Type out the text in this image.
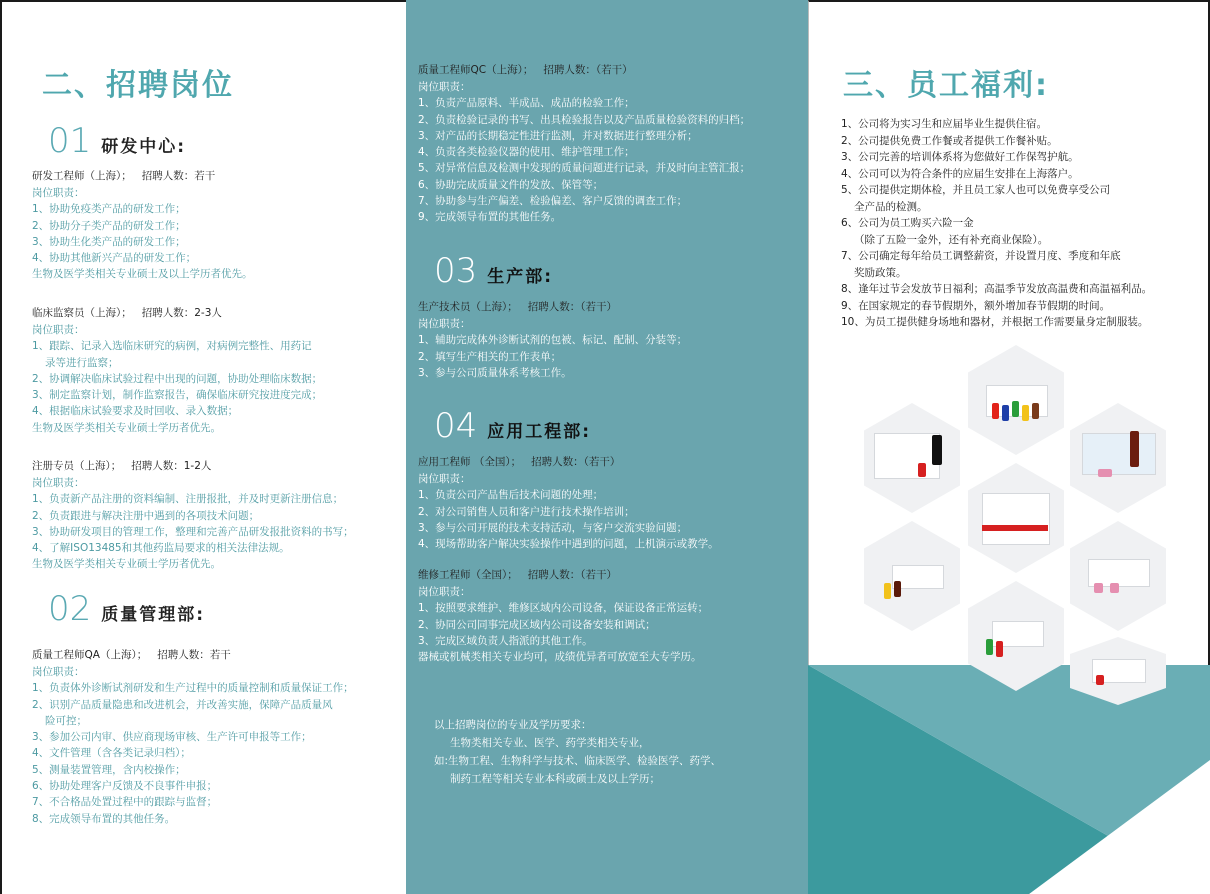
二、招聘岗位
01 研发中心:

研发工程师（上海）； 招聘人数：若干

岗位职责：

1、协助免疫类产品的研发工作；

2、协助分子类产品的研发工作；

3、协助生化类产品的研发工作；

4、协助其他新兴产品的研发工作；

生物及医学类相关专业硕士及以上学历者优先。

临床监察员（上海）； 招聘人数：2-3人

岗位职责：

1、跟踪、记录入选临床研究的病例，对病例完整性、用药记

录等进行监察；

2、协调解决临床试验过程中出现的问题，协助处理临床数据；

3、制定监察计划，制作监察报告，确保临床研究按进度完成；

4、根据临床试验要求及时回收、录入数据；

生物及医学类相关专业硕士学历者优先。

注册专员（上海）； 招聘人数：1-2人

岗位职责：

1、负责新产品注册的资料编制、注册报批，并及时更新注册信息；

2、负责跟进与解决注册中遇到的各项技术问题；

3、协助研发项目的管理工作，整理和完善产品研发报批资料的书写；

4、了解ISO13485和其他药监局要求的相关法律法规。

生物及医学类相关专业硕士学历者优先。

02 质量管理部:

质量工程师QA（上海）； 招聘人数：若干

岗位职责：

1、负责体外诊断试剂研发和生产过程中的质量控制和质量保证工作；

2、识别产品质量隐患和改进机会，并改善实施，保障产品质量风

险可控；

3、参加公司内审、供应商现场审核、生产许可申报等工作；

4、文件管理（含各类记录归档）；

5、测量装置管理，含内校操作；

6、协助处理客户反馈及不良事件申报；

7、不合格品处置过程中的跟踪与监督；

8、完成领导布置的其他任务。

质量工程师QC（上海）； 招聘人数：（若干）

岗位职责：

1、负责产品原料、半成品、成品的检验工作；

2、负责检验记录的书写、出具检验报告以及产品质量检验资料的归档；

3、对产品的长期稳定性进行监测，并对数据进行整理分析；

4、负责各类检验仪器的使用、维护管理工作；

5、对异常信息及检测中发现的质量问题进行记录，并及时向主管汇报；

6、协助完成质量文件的发放、保管等；

7、协助参与生产偏差、检验偏差、客户反馈的调查工作；

9、完成领导布置的其他任务。

03 生产部:

生产技术员（上海）； 招聘人数：（若干）

岗位职责：

1、辅助完成体外诊断试剂的包被、标记、配制、分装等；

2、填写生产相关的工作表单；

3、参与公司质量体系考核工作。

04 应用工程部:

应用工程师 （全国）； 招聘人数：（若干）

岗位职责：

1、负责公司产品售后技术问题的处理；

2、对公司销售人员和客户进行技术操作培训；

3、参与公司开展的技术支持活动，与客户交流实验问题；

4、现场帮助客户解决实验操作中遇到的问题，上机演示或教学。

维修工程师（全国）； 招聘人数：（若干）

岗位职责：

1、按照要求维护、维修区域内公司设备，保证设备正常运转；

2、协同公司同事完成区域内公司设备安装和调试；

3、完成区域负责人指派的其他工作。

器械或机械类相关专业均可，成绩优异者可放宽至大专学历。

以上招聘岗位的专业及学历要求：

生物类相关专业、医学、药学类相关专业，

如:生物工程、生物科学与技术、临床医学、检验医学、药学、

制药工程等相关专业本科或硕士及以上学历；

三、员工福利:

1、公司将为实习生和应届毕业生提供住宿。

2、公司提供免费工作餐或者提供工作餐补贴。

3、公司完善的培训体系将为您做好工作保驾护航。

4、公司可以为符合条件的应届生安排在上海落户。

5、公司提供定期体检，并且员工家人也可以免费享受公司

全产品的检测。

6、公司为员工购买六险一金

（除了五险一金外，还有补充商业保险）。

7、公司确定每年给员工调整薪资，并设置月度、季度和年底

奖励政策。

8、逢年过节会发放节日福利；高温季节发放高温费和高温福利品。

9、在国家规定的春节假期外，额外增加春节假期的时间。

10、为员工提供健身场地和器材，并根据工作需要量身定制服装。
